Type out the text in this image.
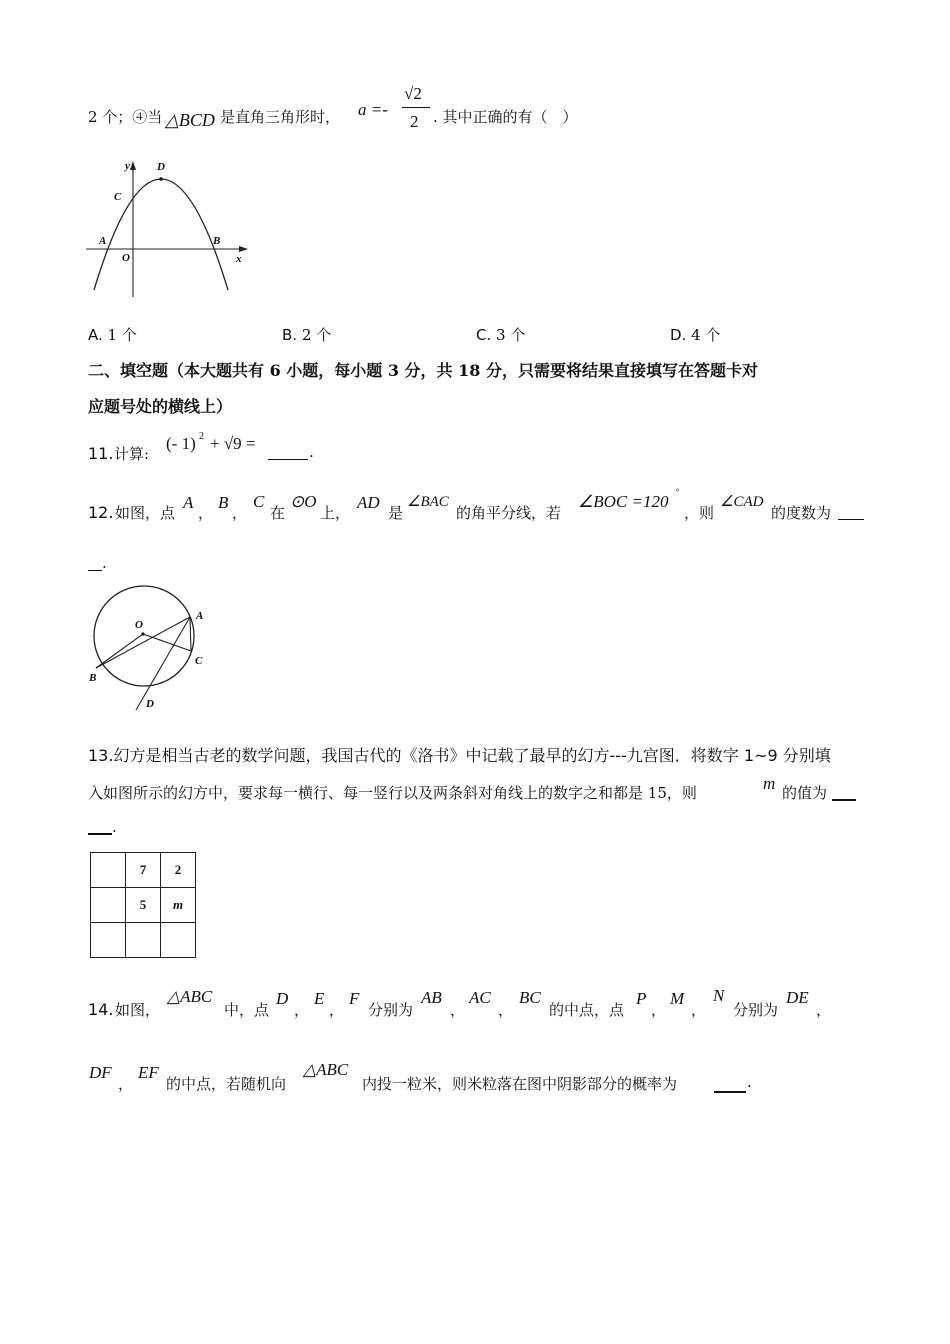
2 个；④当 △BCD 是直角三角形时， a =-
√2
2 . 其中正确的有（　）
y D
C
A
O
B
x
A. 1 个	B. 2 个	C. 3 个	D. 4 个
二、填空题（本大题共有 6 小题，每小题 3 分，共 18 分，只需要将结果直接填写在答题卡对
应题号处的横线上）
11. 计算:
(- 1) 2 + √9 =	.
12. 如图，点
A
，
B
，
C
在
⊙O
上，
AD
是
∠BAC
的角平分线，若
∠BOC =120 °
，则
∠CAD
的度数为
.
O
A
C
B
D
13.幻方是相当古老的数学问题，我国古代的《洛书》中记载了最早的幻方---九宫图．将数字 1~9 分别填
入如图所示的幻方中，要求每一横行、每一竖行以及两条斜对角线上的数字之和都是 15，则	m 的值为
.
	7	2
	5	m

14. 如图，
△ABC
中，点
D
，
E
，
F
分别为
AB
，
AC
，
BC
的中点，点
P
，
M
，
N
分别为
DE
，
DF
，
EF
的中点，若随机向
△ABC
内投一粒米，则米粒落在图中阴影部分的概率为	.
